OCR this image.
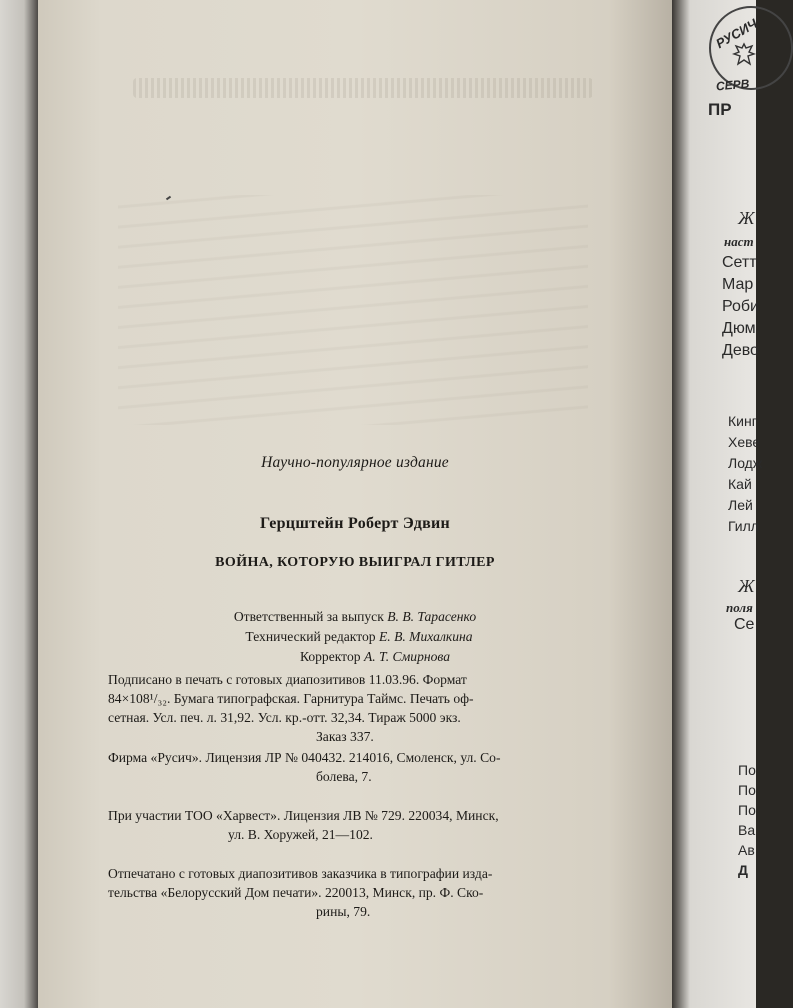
Научно-популярное издание
Герцштейн Роберт Эдвин
ВОЙНА, КОТОРУЮ ВЫИГРАЛ ГИТЛЕР
Ответственный за выпуск В. В. Тарасенко
Технический редактор Е. В. Михалкина
Корректор А. Т. Смирнова
Подписано в печать с готовых диапозитивов 11.03.96. Формат
84×108¹/₃₂. Бумага типографская. Гарнитура Таймс. Печать оф-
сетная. Усл. печ. л. 31,92. Усл. кр.-отт. 32,34. Тираж 5000 экз.
Заказ 337.
Фирма «Русич». Лицензия ЛР № 040432. 214016, Смоленск, ул. Со-
болева, 7.
При участии ТОО «Харвест». Лицензия ЛВ № 729. 220034, Минск,
ул. В. Хоружей, 21—102.
Отпечатано с готовых диапозитивов заказчика в типографии изда-
тельства «Белорусский Дом печати». 220013, Минск, пр. Ф. Ско-
рины, 79.
РУСИЧ
СЕРВ
ПР
Ж
наст
Сетт
Мар
Роби
Дюм
Дево
Кинг
Хеве
Лодж
Кай
Лей
Гилл
Ж
поля
Се
По
По
По
Ва
Ав
Д
